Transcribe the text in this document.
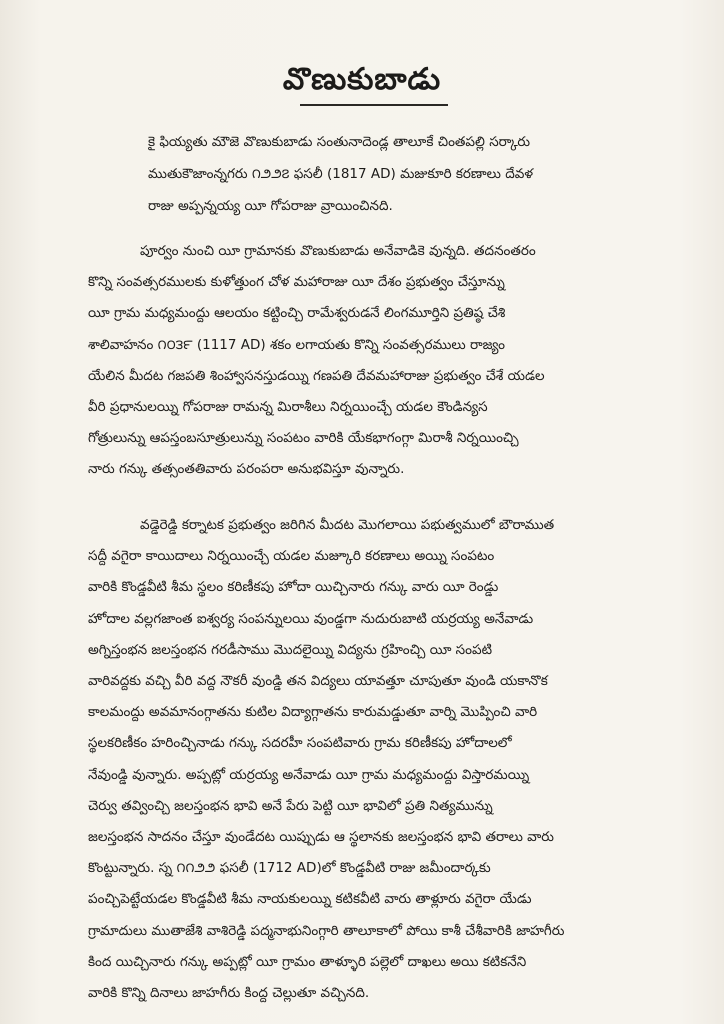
వొణుకుబాడు
కై ఫియ్యతు మౌజె వొణుకుబాడు సంతునాదెండ్ల తాలూకే చింతపల్లి సర్కారు
ముతుకౌజాంన్నగరు ౧౨౨౭ ఫసలీ (1817 AD) మజుకూరి కరణాలు దేవళ
రాజు అప్పన్నయ్య యీ గోపరాజు వ్రాయించినది.
పూర్వం నుంచి యీ గ్రామానకు వొణుకుబాడు అనేవాడికె వున్నది. తదనంతరం
కొన్ని సంవత్సరములకు కుళోత్తుంగ చోళ మహారాజు యీ దేశం ప్రభుత్వం చేస్తూన్ను
యీ గ్రామ మధ్యమంద్దు ఆలయం కట్టించ్చి రామేశ్వరుడనే లింగమూర్తిని ప్రతిష్ఠ చేశి
శాలివాహనం ౧౦౩౯ (1117 AD) శకం లగాయతు కొన్ని సంవత్సరములు రాజ్యం
యేలిన మీదట గజపతి శింహ్వాసనస్తుడయ్ని గణపతి దేవమహారాజు ప్రభుత్వం చేశే యడల
వీరి ప్రధానులయ్ని గోపరాజు రామన్న మిరాశీలు నిర్నయించ్చే యడల కౌండిన్యస
గోత్రులున్ను ఆపస్తంబసూత్రులున్ను సంపటం వారికి యేకభాగంగ్గా మిరాశీ నిర్నయించ్చి
నారు గన్కు తత్సంతతివారు పరంపరా అనుభవిస్తూ వున్నారు.
వడ్డెరెడ్డి కర్నాటక ప్రభుత్వం జరిగిన మీదట మొగలాయి పభుత్వములో బౌరాముత
సద్దీ వగైరా కాయిదాలు నిర్నయించ్చే యడల మజ్కూరి కరణాలు అయ్ని సంపటం
వారికి కొండ్డవీటి శీమ స్థలం కరిణీకపు హోదా యిచ్చినారు గన్కు వారు యీ రెండ్డు
హోదాల వల్లగజాంత ఐశ్వర్య సంపన్నులయి వుండ్డగా నుదురుబాటి యర్రయ్య అనేవాడు
అగ్నిస్తంభన జలస్తంభన గరడీసాము మొదలైయ్ని విద్యను గ్రహించ్చి యీ సంపటి
వారివద్దకు వచ్చి వీరి వద్ద నౌకరీ వుండ్డి తన విద్యలు యావత్తూ చూపుతూ వుండి యకానొక
కాలమంద్దు అవమానంగ్గాతను కుటిల విద్యాగ్గాతను కారుమడ్డుతూ వార్ని మొప్పించి వారి
స్థలకరిణీకం హరించ్చినాడు గన్కు సదరహీ సంపటివారు గ్రామ కరిణీకపు హోదాలలో
నేవుండ్డి వున్నారు. అప్పట్లో యర్రయ్య అనేవాడు యీ గ్రామ మధ్యమంద్దు విస్తారమయ్ని
చెర్వు తవ్వించ్చి జలస్తంభన భావి అనే పేరు పెట్టి యీ భావిలో ప్రతి నిత్యమున్ను
జలస్తంభన సాదనం చేస్తూ వుండేదట యిప్పుడు ఆ స్థలానకు జలస్తంభన భావి తరాలు వారు
కొంట్టున్నారు. స్న ౧౧౨౨ ఫసలీ (1712 AD)లో కొండ్డవీటి రాజు జమీందార్కకు
పంచ్చిపెట్టేయడల కొండ్డవీటి శీమ నాయకులయ్ని కటికవీటి వారు తాళ్లూరు వగైరా యేడు
గ్రామాదులు ముతాజేశి వాశిరెడ్డి పద్మనాభునింగ్గారి తాలూకాలో పోయి కాశీ చేశీవారికి జాహగీరు
కింద యిచ్చినారు గన్కు అప్పట్లో యీ గ్రామం తాళ్ళూరి పల్లెలో దాఖలు అయి కటికనేని
వారికి కొన్ని దినాలు జాహగీరు కింద్ద చెల్లుతూ వచ్చినది.
